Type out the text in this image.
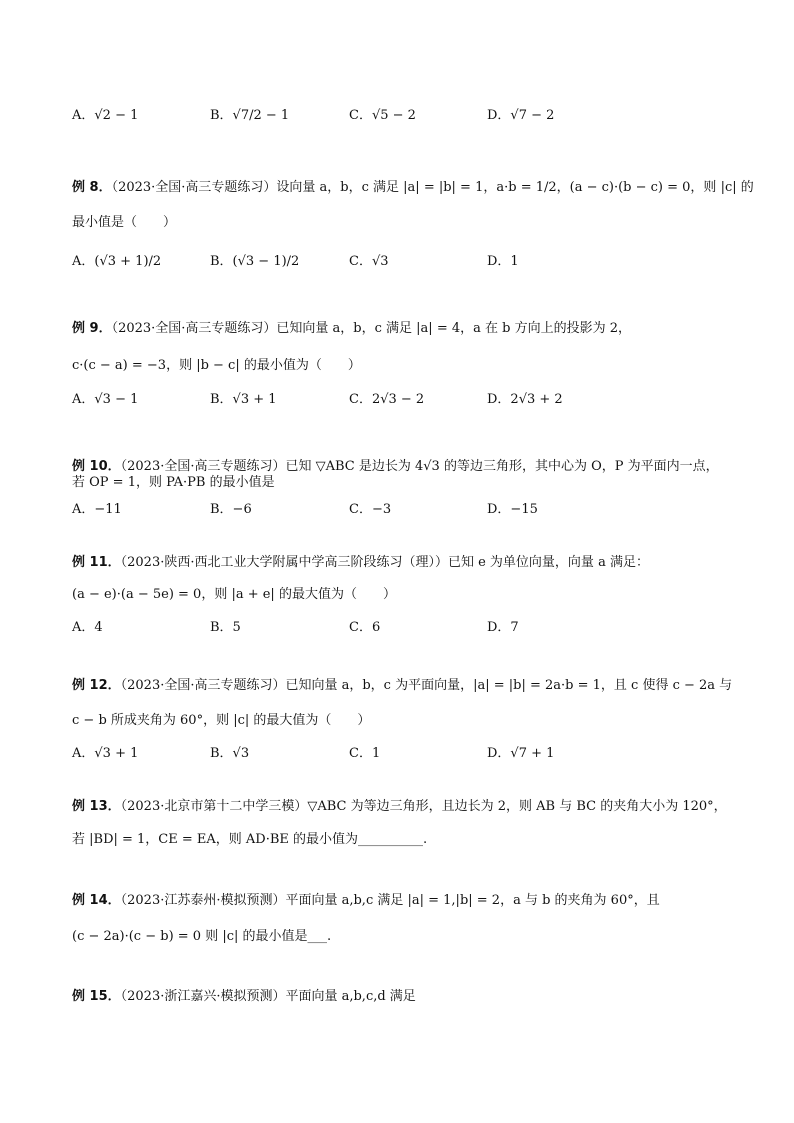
A．√2 − 1	B．√7/2 − 1	C．√5 − 2	D．√7 − 2
例 8．（2023·全国·高三专题练习）设向量 a，b，c 满足 |a| = |b| = 1，a·b = 1/2，(a − c)·(b − c) = 0，则 |c| 的
最小值是（　　）
A．(√3 + 1)/2	B．(√3 − 1)/2	C．√3	D．1
例 9．（2023·全国·高三专题练习）已知向量 a，b，c 满足 |a| = 4，a 在 b 方向上的投影为 2，
c·(c − a) = −3，则 |b − c| 的最小值为（　　）
A．√3 − 1	B．√3 + 1	C．2√3 − 2	D．2√3 + 2
例 10．（2023·全国·高三专题练习）已知 ▽ABC 是边长为 4√3 的等边三角形，其中心为 O，P 为平面内一点，
若 OP = 1，则 PA·PB 的最小值是
A．−11	B．−6	C．−3	D．−15
例 11．（2023·陕西·西北工业大学附属中学高三阶段练习（理））已知 e 为单位向量，向量 a 满足：
(a − e)·(a − 5e) = 0，则 |a + e| 的最大值为（　　）
A．4	B．5	C．6	D．7
例 12．（2023·全国·高三专题练习）已知向量 a，b，c 为平面向量，|a| = |b| = 2a·b = 1，且 c 使得 c − 2a 与
c − b 所成夹角为 60°，则 |c| 的最大值为（　　）
A．√3 + 1	B．√3	C．1	D．√7 + 1
例 13．（2023·北京市第十二中学三模）▽ABC 为等边三角形，且边长为 2，则 AB 与 BC 的夹角大小为 120°，
若 |BD| = 1，CE = EA，则 AD·BE 的最小值为__________.
例 14．（2023·江苏泰州·模拟预测）平面向量 a,b,c 满足 |a| = 1,|b| = 2，a 与 b 的夹角为 60°，且
(c − 2a)·(c − b) = 0 则 |c| 的最小值是___.
例 15．（2023·浙江嘉兴·模拟预测）平面向量 a,b,c,d 满足
